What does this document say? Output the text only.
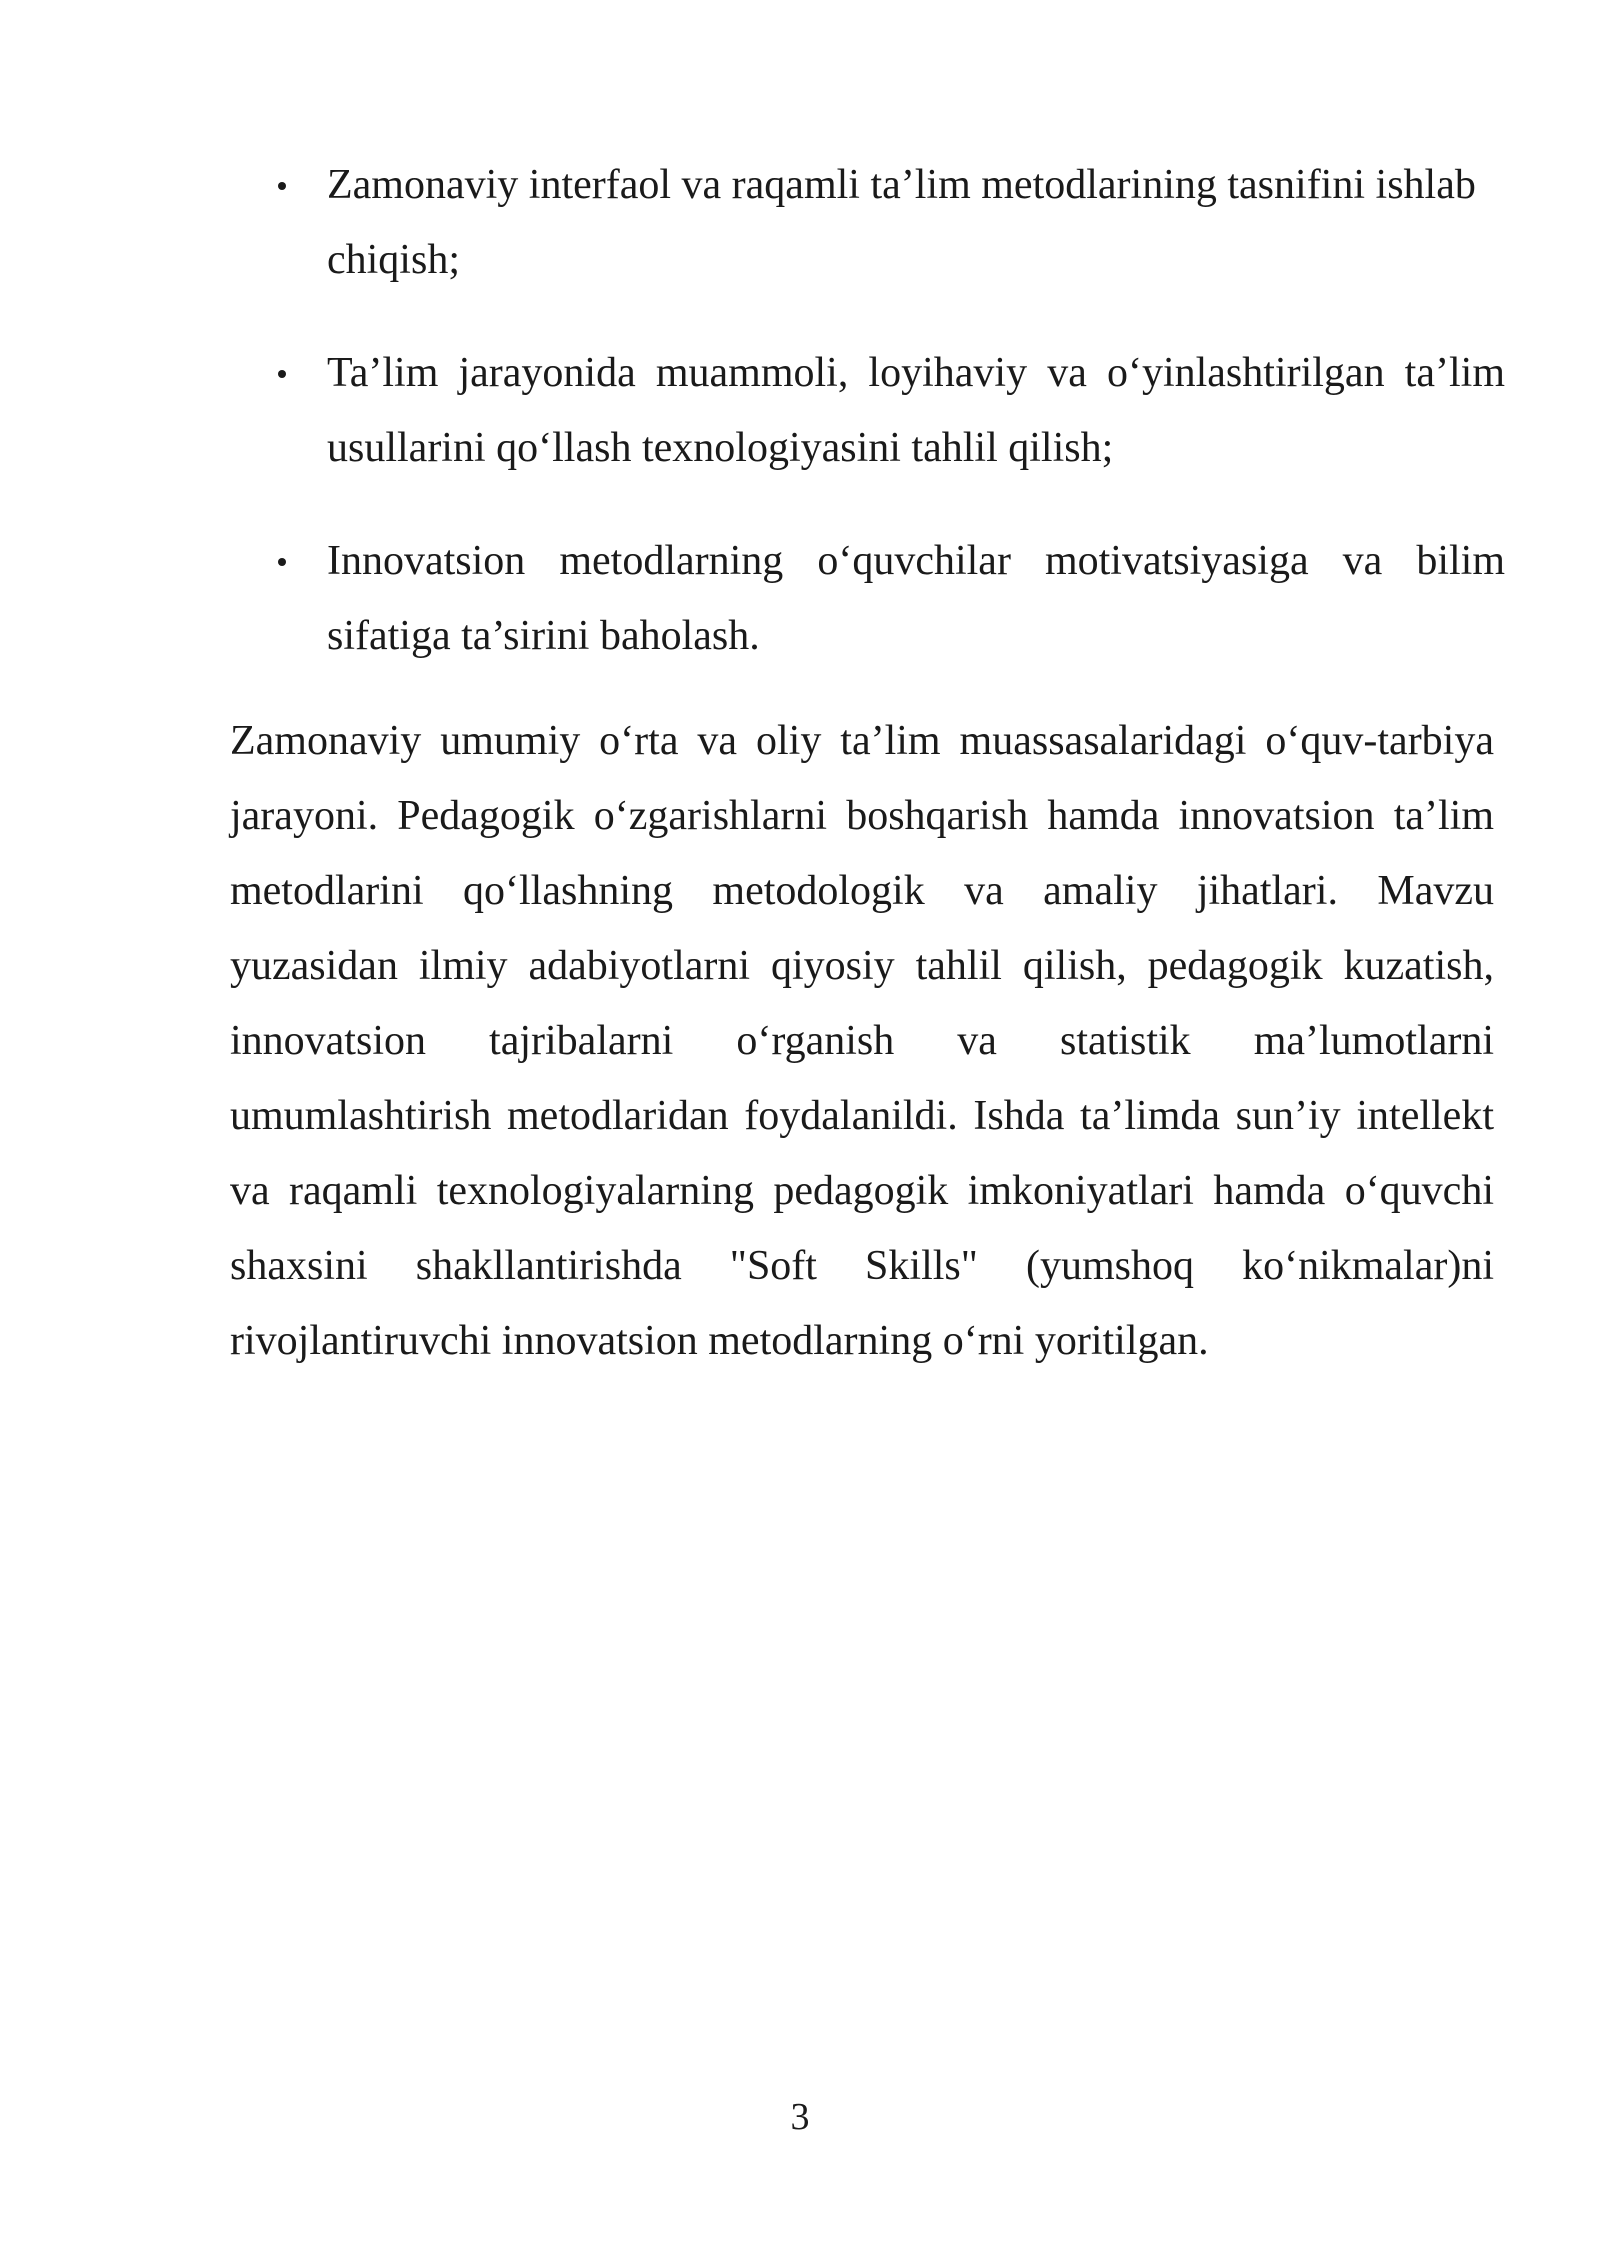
Zamonaviy interfaol va raqamli ta’lim metodlarining tasnifini ishlab chiqish;
Ta’lim jarayonida muammoli, loyihaviy va o‘yinlashtirilgan ta’lim usullarini qo‘llash texnologiyasini tahlil qilish;
Innovatsion metodlarning o‘quvchilar motivatsiyasiga va bilim sifatiga ta’sirini baholash.

Zamonaviy umumiy o‘rta va oliy ta’lim muassasalaridagi o‘quv-tarbiya jarayoni. Pedagogik o‘zgarishlarni boshqarish hamda innovatsion ta’lim metodlarini qo‘llashning metodologik va amaliy jihatlari. Mavzu yuzasidan ilmiy adabiyotlarni qiyosiy tahlil qilish, pedagogik kuzatish, innovatsion tajribalarni o‘rganish va statistik ma’lumotlarni umumlashtirish metodlaridan foydalanildi. Ishda ta’limda sun’iy intellekt va raqamli texnologiyalarning pedagogik imkoniyatlari hamda o‘quvchi shaxsini shakllantirishda "Soft Skills" (yumshoq ko‘nikmalar)ni rivojlantiruvchi innovatsion metodlarning o‘rni yoritilgan.

3
